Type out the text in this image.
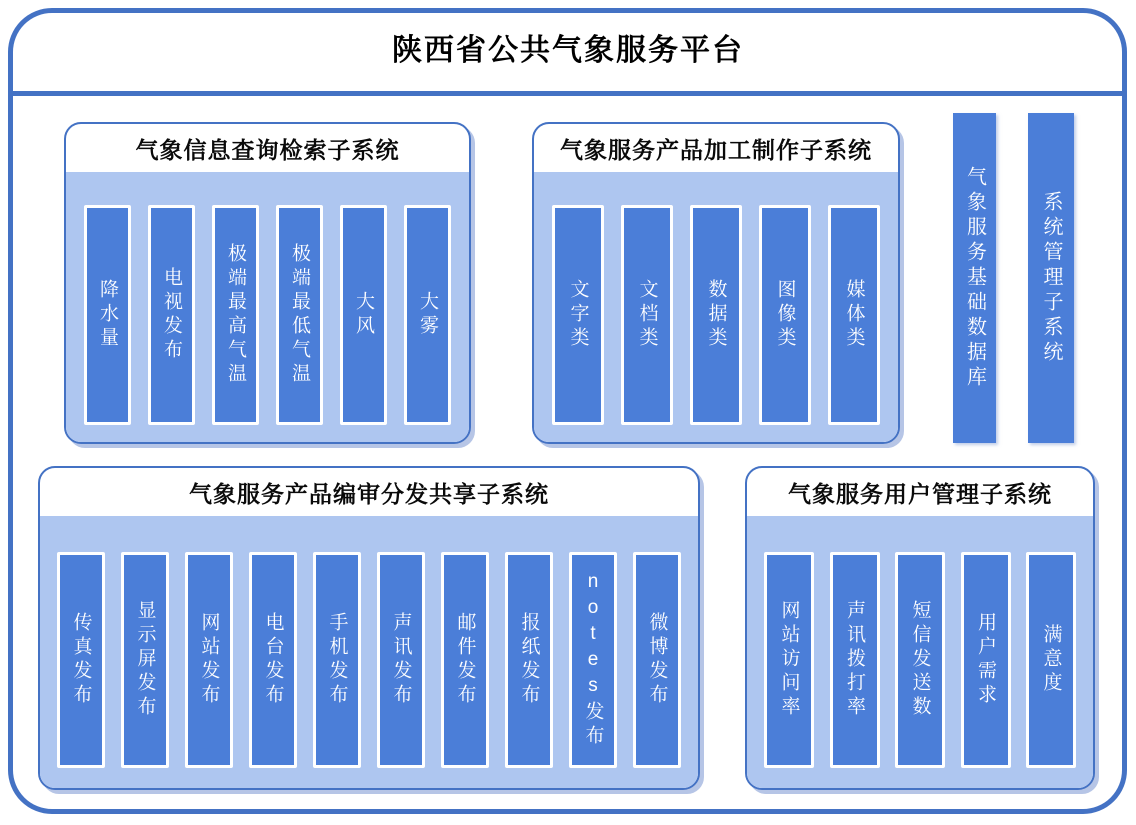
陕西省公共气象服务平台
气象信息查询检索子系统
降水量 电视发布 极端最高气温 极端最低气温 大风 大雾
气象服务产品加工制作子系统
文字类	文档类	数据类	图像类	媒体类	气象服务基础数据库	系统管理子系统
气象服务产品编审分发共享子系统
传真发布 显示屏发布 网站发布 电台发布 手机发布 声讯发布 邮件发布 报纸发布 notes发布 微博发布
气象服务用户管理子系统
网站访问率 声讯拨打率 短信发送数 用户需求 满意度
